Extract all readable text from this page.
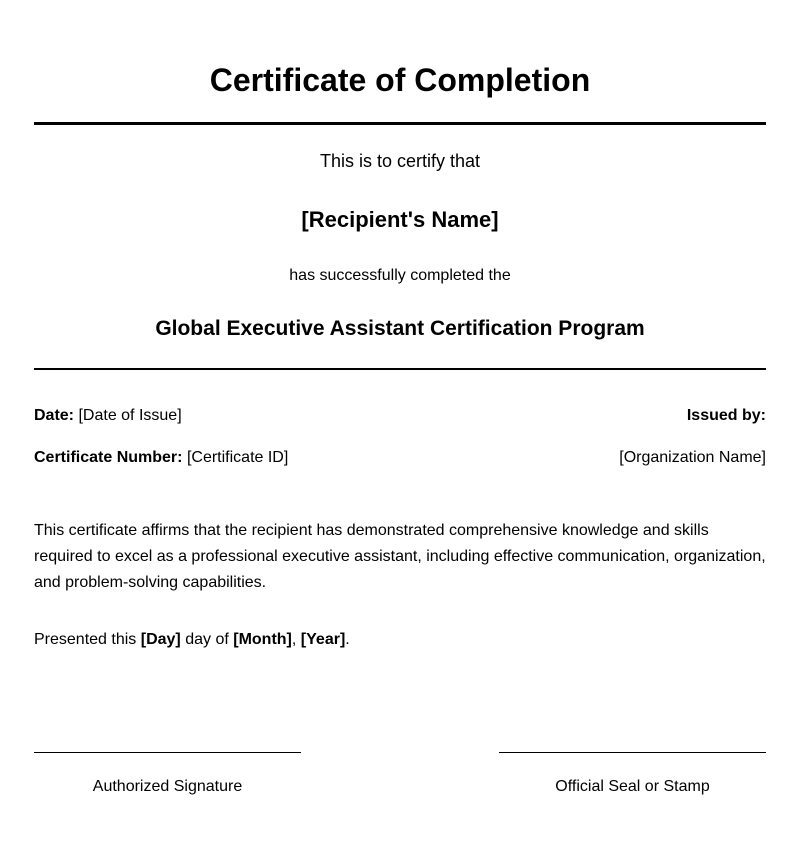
Certificate of Completion
This is to certify that
[Recipient's Name]
has successfully completed the
Global Executive Assistant Certification Program
Date: [Date of Issue]	Issued by:
Certificate Number: [Certificate ID]	[Organization Name]
This certificate affirms that the recipient has demonstrated comprehensive knowledge and skills required to excel as a professional executive assistant, including effective communication, organization, and problem-solving capabilities.
Presented this [Day] day of [Month], [Year].
Authorized Signature	Official Seal or Stamp
